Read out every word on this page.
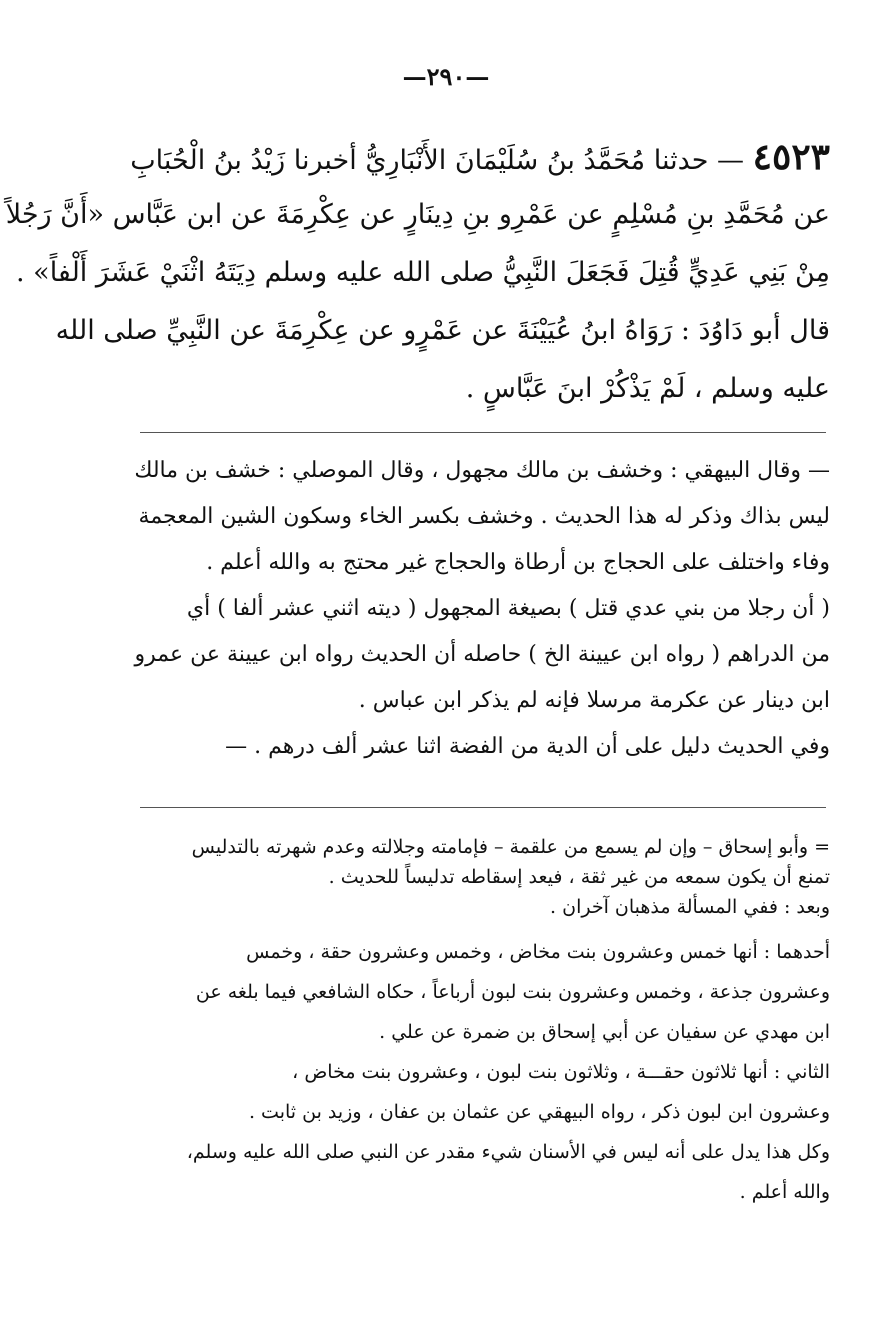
—٢٩٠—
٤٥٢٣ — حدثنا مُحَمَّدُ بنُ سُلَيْمَانَ الأَنْبَارِيُّ أخبرنا زَيْدُ بنُ الْحُبَابِ
عن مُحَمَّدِ بنِ مُسْلِمٍ عن عَمْرِو بنِ دِينَارٍ عن عِكْرِمَةَ عن ابن عَبَّاس «أَنَّ رَجُلاً
مِنْ بَنِي عَدِيٍّ قُتِلَ فَجَعَلَ النَّبِيُّ صلى الله عليه وسلم دِيَتَهُ اثْنَيْ عَشَرَ أَلْفاً» .
قال أبو دَاوُدَ : رَوَاهُ ابنُ عُيَيْنَةَ عن عَمْرٍو عن عِكْرِمَةَ عن النَّبِيِّ صلى الله
عليه وسلم ، لَمْ يَذْكُرْ ابنَ عَبَّاسٍ .
— وقال البيهقي : وخشف بن مالك مجهول ، وقال الموصلي : خشف بن مالك
ليس بذاك وذكر له هذا الحديث . وخشف بكسر الخاء وسكون الشين المعجمة
وفاء واختلف على الحجاج بن أرطاة والحجاج غير محتج به والله أعلم .
( أن رجلا من بني عدي قتل ) بصيغة المجهول ( ديته اثني عشر ألفا ) أي
من الدراهم ( رواه ابن عيينة الخ ) حاصله أن الحديث رواه ابن عيينة عن عمرو
ابن دينار عن عكرمة مرسلا فإنه لم يذكر ابن عباس .
وفي الحديث دليل على أن الدية من الفضة اثنا عشر ألف درهم . —
= وأبو إسحاق – وإن لم يسمع من علقمة – فإمامته وجلالته وعدم شهرته بالتدليس
تمنع أن يكون سمعه من غير ثقة ، فيعد إسقاطه تدليساً للحديث .
وبعد : ففي المسألة مذهبان آخران .
أحدهما : أنها خمس وعشرون بنت مخاض ، وخمس وعشرون حقة ، وخمس
وعشرون جذعة ، وخمس وعشرون بنت لبون أرباعاً ، حكاه الشافعي فيما بلغه عن
ابن مهدي عن سفيان عن أبي إسحاق بن ضمرة عن علي .
الثاني : أنها ثلاثون حقـــة ، وثلاثون بنت لبون ، وعشرون بنت مخاض ،
وعشرون ابن لبون ذكر ، رواه البيهقي عن عثمان بن عفان ، وزيد بن ثابت .
وكل هذا يدل على أنه ليس في الأسنان شيء مقدر عن النبي صلى الله عليه وسلم،
والله أعلم .
